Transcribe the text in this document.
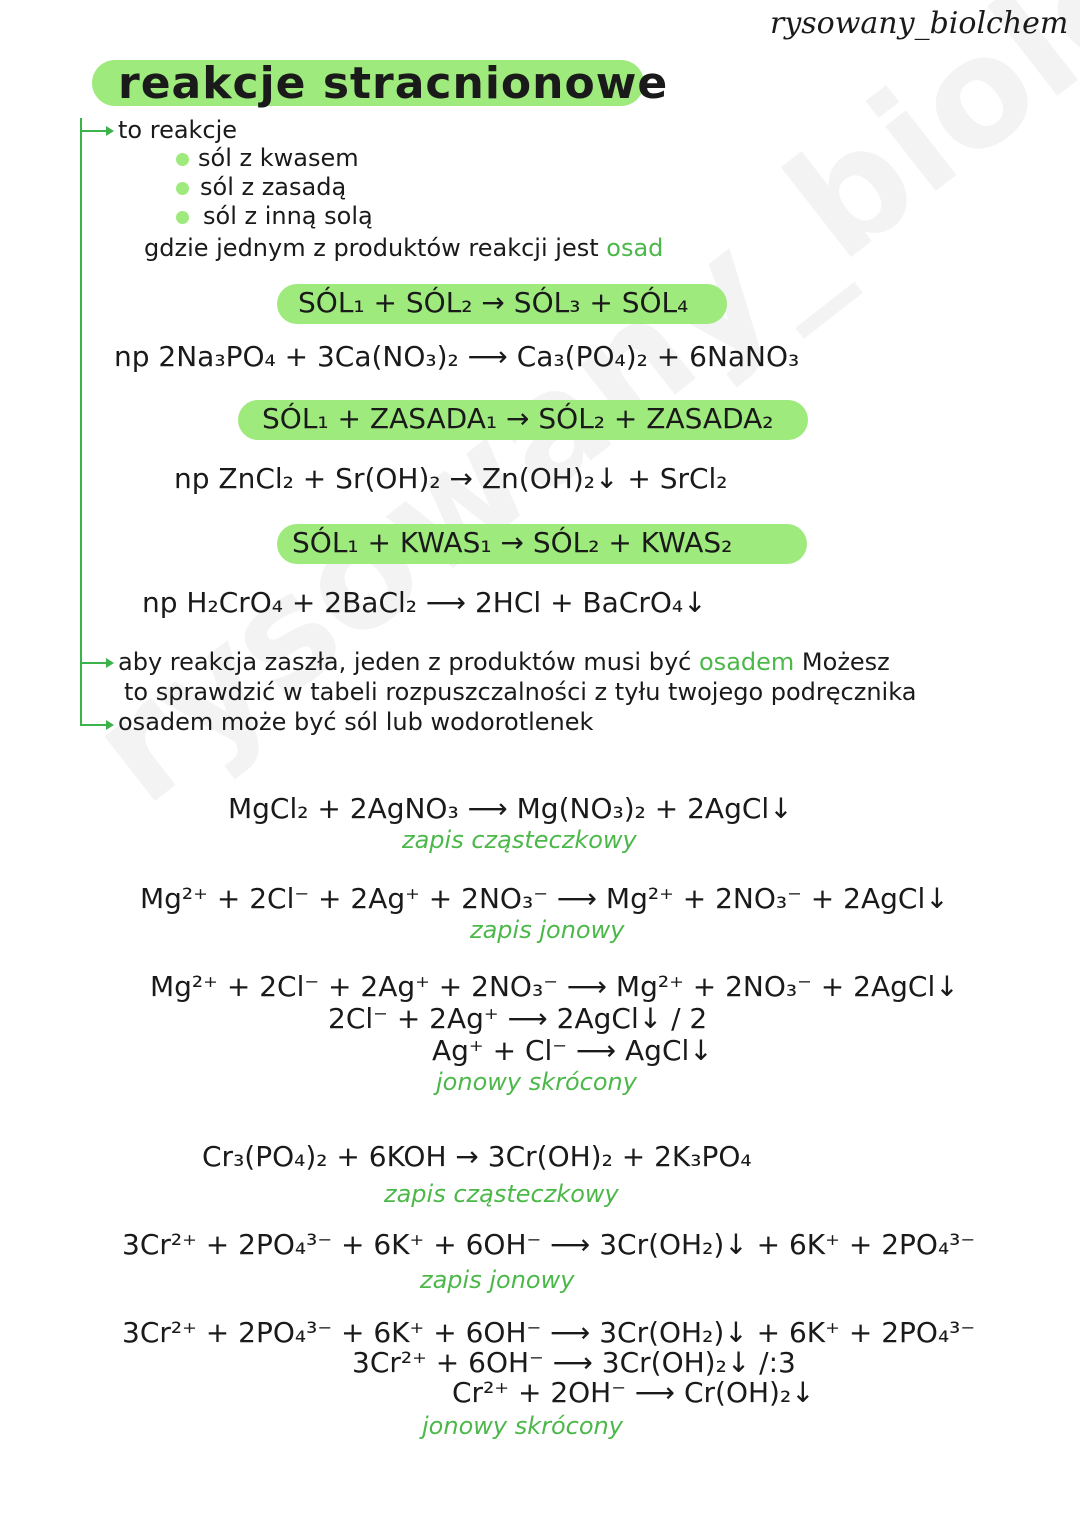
rysowany_biolchem
reakcje stracnionowe
to reakcje
sól z kwasem
sól z zasadą
sól z inną solą
gdzie jednym z produktów reakcji jest osad
SÓL₁ + SÓL₂ → SÓL₃ + SÓL₄
np 2Na₃PO₄ + 3Ca(NO₃)₂ ⟶ Ca₃(PO₄)₂ + 6NaNO₃
SÓL₁ + ZASADA₁ → SÓL₂ + ZASADA₂
np ZnCl₂ + Sr(OH)₂ → Zn(OH)₂↓ + SrCl₂
SÓL₁ + KWAS₁ → SÓL₂ + KWAS₂
np H₂CrO₄ + 2BaCl₂ ⟶ 2HCl + BaCrO₄↓
aby reakcja zaszła, jeden z produktów musi być osadem Możesz
to sprawdzić w tabeli rozpuszczalności z tyłu twojego podręcznika
osadem może być sól lub wodorotlenek
MgCl₂ + 2AgNO₃ ⟶ Mg(NO₃)₂ + 2AgCl↓
zapis cząsteczkowy
Mg²⁺ + 2Cl⁻ + 2Ag⁺ + 2NO₃⁻ ⟶ Mg²⁺ + 2NO₃⁻ + 2AgCl↓
zapis jonowy
Mg²⁺ + 2Cl⁻ + 2Ag⁺ + 2NO₃⁻ ⟶ Mg²⁺ + 2NO₃⁻ + 2AgCl↓
2Cl⁻ + 2Ag⁺ ⟶ 2AgCl↓ / 2
Ag⁺ + Cl⁻ ⟶ AgCl↓
jonowy skrócony
Cr₃(PO₄)₂ + 6KOH → 3Cr(OH)₂ + 2K₃PO₄
zapis cząsteczkowy
3Cr²⁺ + 2PO₄³⁻ + 6K⁺ + 6OH⁻ ⟶ 3Cr(OH₂)↓ + 6K⁺ + 2PO₄³⁻
zapis jonowy
3Cr²⁺ + 2PO₄³⁻ + 6K⁺ + 6OH⁻ ⟶ 3Cr(OH₂)↓ + 6K⁺ + 2PO₄³⁻
3Cr²⁺ + 6OH⁻ ⟶ 3Cr(OH)₂↓ /:3
Cr²⁺ + 2OH⁻ ⟶ Cr(OH)₂↓
jonowy skrócony
